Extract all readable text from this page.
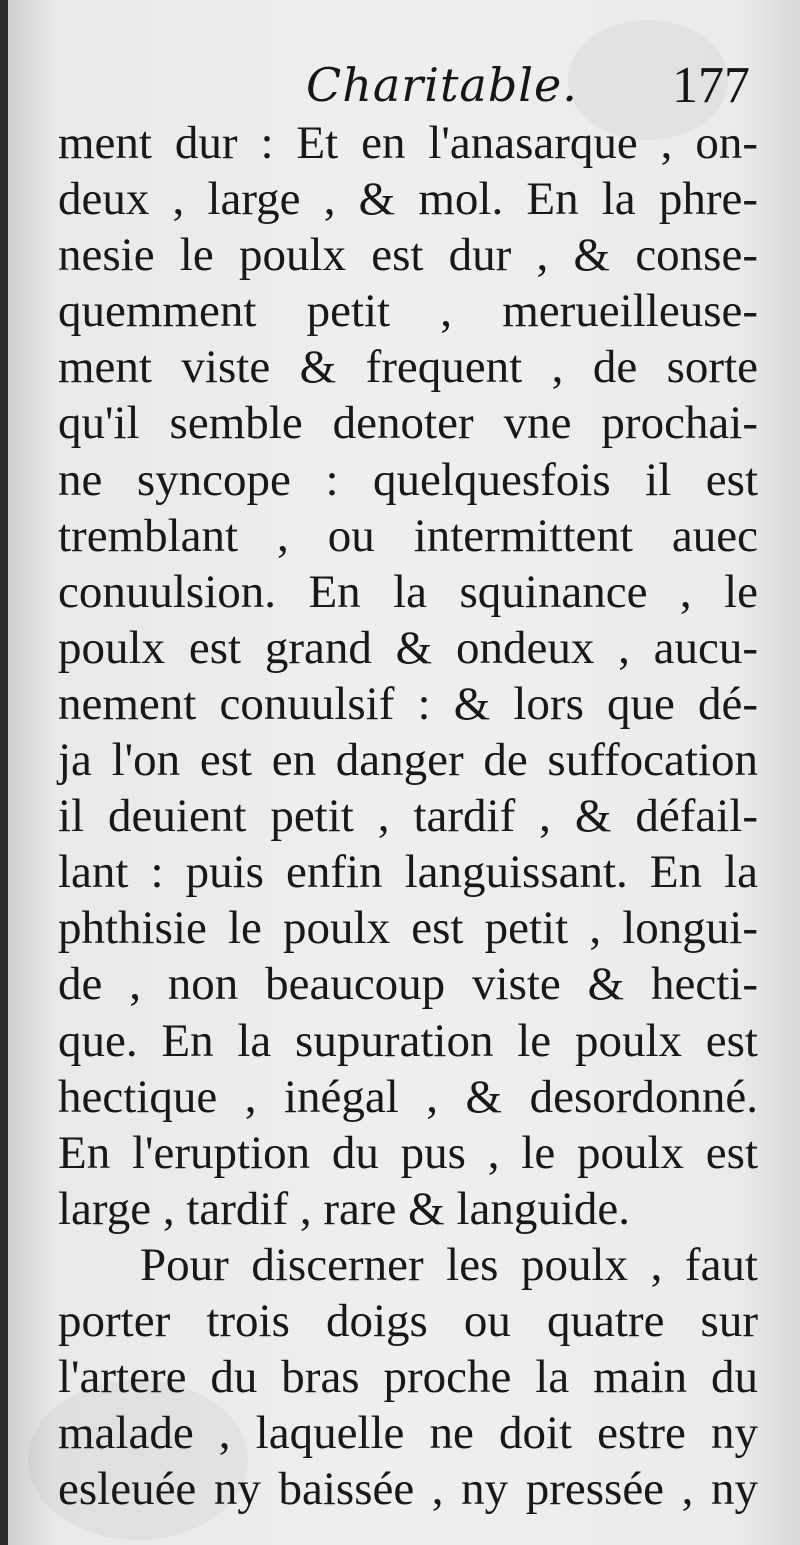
Charitable. 177
ment dur : Et en l'anasarque , on-
deux , large , & mol. En la phre-
nesie le poulx est dur , & conse-
quemment petit , merueilleuse-
ment viste & frequent , de sorte
qu'il semble denoter vne prochai-
ne syncope : quelquesfois il est
tremblant , ou intermittent auec
conuulsion. En la squinance , le
poulx est grand & ondeux , aucu-
nement conuulsif : & lors que dé-
ja l'on est en danger de suffocation
il deuient petit , tardif , & défail-
lant : puis enfin languissant. En la
phthisie le poulx est petit , longui-
de , non beaucoup viste & hecti-
que. En la supuration le poulx est
hectique , inégal , & desordonné.
En l'eruption du pus , le poulx est
large , tardif , rare & languide.
Pour discerner les poulx , faut
porter trois doigs ou quatre sur
l'artere du bras proche la main du
malade , laquelle ne doit estre ny
esleuée ny baissée , ny pressée , ny
